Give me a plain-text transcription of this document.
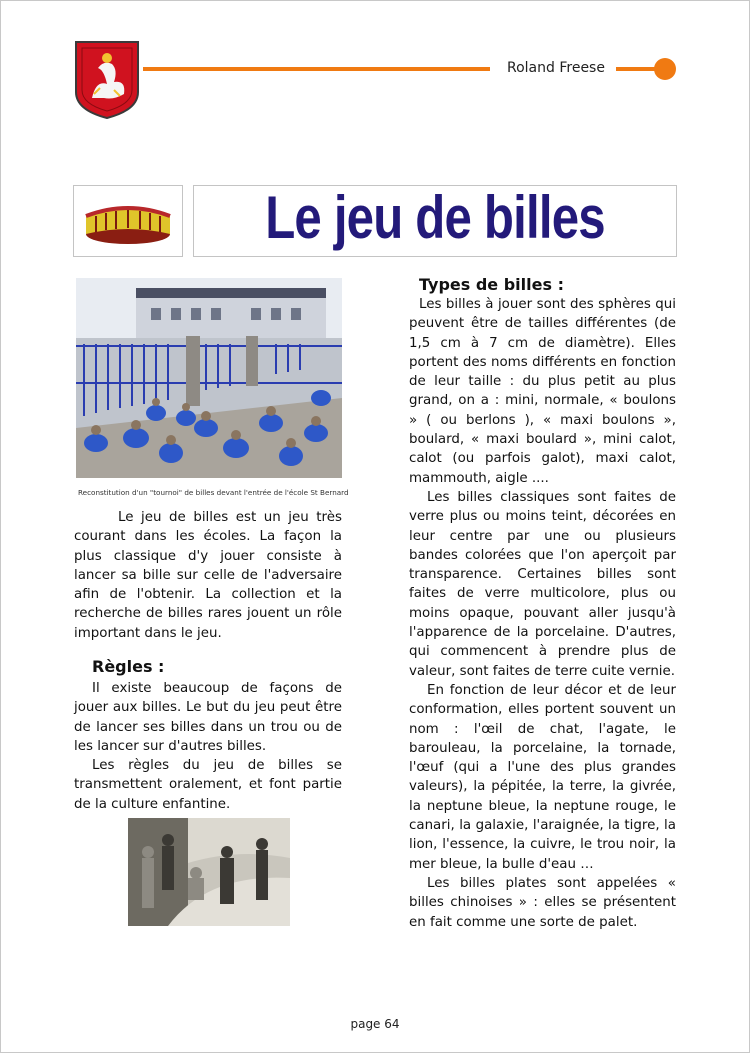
Roland Freese
Le jeu de billes
Reconstitution d'un "tournoi" de billes devant l'entrée de l'école St Bernard

Le jeu de billes est un jeu très courant dans les écoles. La façon la plus classique d'y jouer consiste à lancer sa bille sur celle de l'adversaire afin de l'obtenir. La collection et la recherche de billes rares jouent un rôle important dans le jeu.

Règles :

Il existe beaucoup de façons de jouer aux billes. Le but du jeu peut être de lancer ses billes dans un trou ou de les lancer sur d'autres billes.

Les règles du jeu de billes se transmettent oralement, et font partie de la culture enfantine.

Types de billes :

Les billes à jouer sont des sphères qui peuvent être de tailles différentes (de 1,5 cm à 7 cm de diamètre). Elles portent des noms différents en fonction de leur taille : du plus petit au plus grand, on a : mini, normale, « boulons » ( ou berlons ), « maxi boulons », boulard, « maxi boulard », mini calot, calot (ou parfois galot), maxi calot, mammouth, aigle ....

Les billes classiques sont faites de verre plus ou moins teint, décorées en leur centre par une ou plusieurs bandes colorées que l'on aperçoit par transparence. Certaines billes sont faites de verre multicolore, plus ou moins opaque, pouvant aller jusqu'à l'apparence de la porcelaine. D'autres, qui commencent à prendre plus de valeur, sont faites de terre cuite vernie.

En fonction de leur décor et de leur conformation, elles portent souvent un nom : l'œil de chat, l'agate, le barouleau, la porcelaine, la tornade, l'œuf (qui a l'une des plus grandes valeurs), la pépitée, la terre, la givrée, la neptune bleue, la neptune rouge, le canari, la galaxie, l'araignée, la tigre, la lion, l'essence, la cuivre, le trou noir, la mer bleue, la bulle d'eau …

Les billes plates sont appelées « billes chinoises » : elles se présentent en fait comme une sorte de palet.

page 64
